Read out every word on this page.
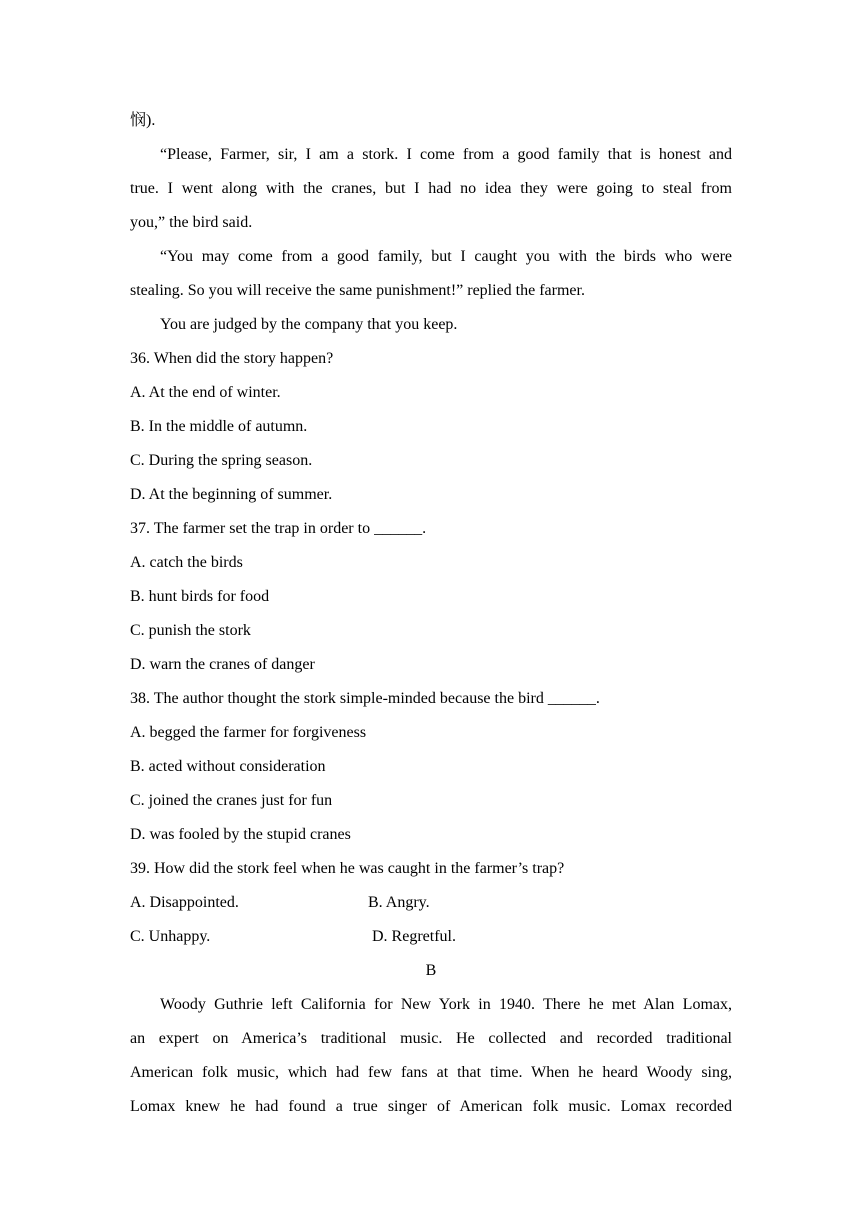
悯).
“Please, Farmer, sir, I am a stork. I come from a good family that is honest and
true. I went along with the cranes, but I had no idea they were going to steal from
you,” the bird said.
“You may come from a good family, but I caught you with the birds who were
stealing. So you will receive the same punishment!” replied the farmer.
You are judged by the company that you keep.
36. When did the story happen?
A. At the end of winter.
B. In the middle of autumn.
C. During the spring season.
D. At the beginning of summer.
37. The farmer set the trap in order to ______.
A. catch the birds
B. hunt birds for food
C. punish the stork
D. warn the cranes of danger
38. The author thought the stork simple-minded because the bird ______.
A. begged the farmer for forgiveness
B. acted without consideration
C. joined the cranes just for fun
D. was fooled by the stupid cranes
39. How did the stork feel when he was caught in the farmer’s trap?
A. Disappointed.	B. Angry.
C. Unhappy.	D. Regretful.
B
Woody Guthrie left California for New York in 1940. There he met Alan Lomax,
an expert on America’s traditional music. He collected and recorded traditional
American folk music, which had few fans at that time. When he heard Woody sing,
Lomax knew he had found a true singer of American folk music. Lomax recorded
